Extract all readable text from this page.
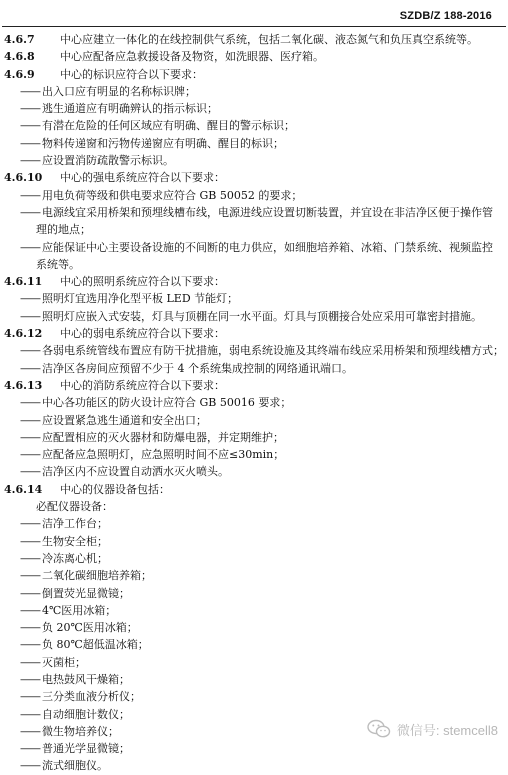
SZDB/Z 188-2016
4.6.7 中心应建立一体化的在线控制供气系统，包括二氧化碳、液态氮气和负压真空系统等。
4.6.8 中心应配备应急救援设备及物资，如洗眼器、医疗箱。
4.6.9 中心的标识应符合以下要求：
—— 出入口应有明显的名称标识牌；
—— 逃生通道应有明确辨认的指示标识；
—— 有潜在危险的任何区域应有明确、醒目的警示标识；
—— 物料传递窗和污物传递窗应有明确、醒目的标识；
—— 应设置消防疏散警示标识。
4.6.10 中心的强电系统应符合以下要求：
—— 用电负荷等级和供电要求应符合 GB 50052 的要求；
—— 电源线宜采用桥架和预埋线槽布线，电源进线应设置切断装置，并宜设在非洁净区便于操作管
理的地点；
—— 应能保证中心主要设备设施的不间断的电力供应，如细胞培养箱、冰箱、门禁系统、视频监控
系统等。
4.6.11 中心的照明系统应符合以下要求：
—— 照明灯宜选用净化型平板 LED 节能灯；
—— 照明灯应嵌入式安装，灯具与顶棚在同一水平面。灯具与顶棚接合处应采用可靠密封措施。
4.6.12 中心的弱电系统应符合以下要求：
—— 各弱电系统管线布置应有防干扰措施，弱电系统设施及其终端布线应采用桥架和预埋线槽方式；
—— 洁净区各房间应预留不少于 4 个系统集成控制的网络通讯端口。
4.6.13 中心的消防系统应符合以下要求：
—— 中心各功能区的防火设计应符合 GB 50016 要求；
—— 应设置紧急逃生通道和安全出口；
—— 应配置相应的灭火器材和防爆电器，并定期维护；
—— 应配备应急照明灯，应急照明时间不应≤30min；
—— 洁净区内不应设置自动洒水灭火喷头。
4.6.14 中心的仪器设备包括：
必配仪器设备：
—— 洁净工作台；
—— 生物安全柜；
—— 冷冻离心机；
—— 二氧化碳细胞培养箱；
—— 倒置荧光显微镜；
—— 4℃医用冰箱；
—— 负 20℃医用冰箱；
—— 负 80℃超低温冰箱；
—— 灭菌柜；
—— 电热鼓风干燥箱；
—— 三分类血液分析仪；
—— 自动细胞计数仪；
—— 微生物培养仪；
—— 普通光学显微镜；
—— 流式细胞仪。
微信号: stemcell8
